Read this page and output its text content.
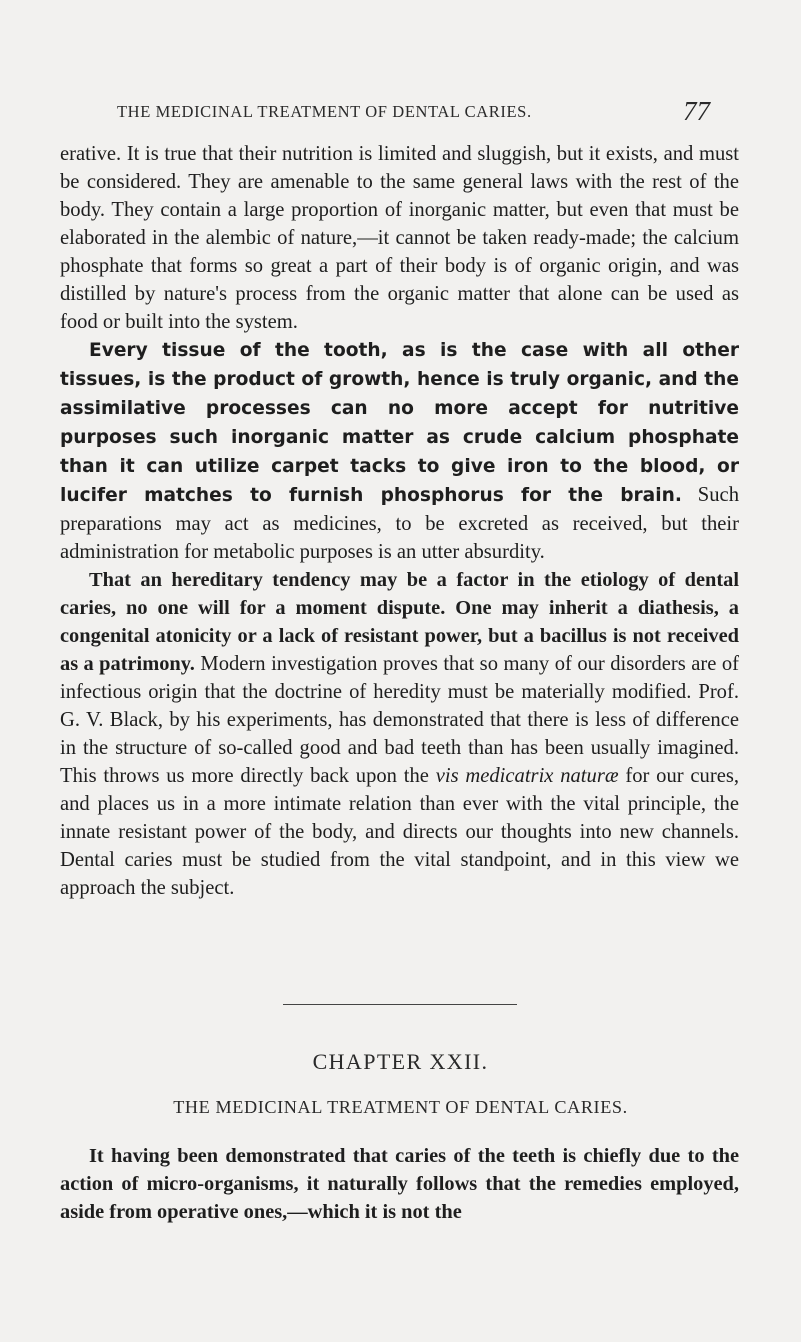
THE MEDICINAL TREATMENT OF DENTAL CARIES.	77

erative. It is true that their nutrition is limited and sluggish, but it exists, and must be considered. They are amenable to the same general laws with the rest of the body. They contain a large proportion of inorganic matter, but even that must be elaborated in the alembic of nature,—it cannot be taken ready-made; the calcium phosphate that forms so great a part of their body is of organic origin, and was distilled by nature's process from the organic matter that alone can be used as food or built into the system.

Every tissue of the tooth, as is the case with all other tissues, is the product of growth, hence is truly organic, and the assimilative processes can no more accept for nutritive purposes such inorganic matter as crude calcium phosphate than it can utilize carpet tacks to give iron to the blood, or lucifer matches to furnish phosphorus for the brain. Such preparations may act as medicines, to be excreted as received, but their administration for metabolic purposes is an utter absurdity.

That an hereditary tendency may be a factor in the etiology of dental caries, no one will for a moment dispute. One may inherit a diathesis, a congenital atonicity or a lack of resistant power, but a bacillus is not received as a patrimony. Modern investigation proves that so many of our disorders are of infectious origin that the doctrine of heredity must be materially modified. Prof. G. V. Black, by his experiments, has demonstrated that there is less of difference in the structure of so-called good and bad teeth than has been usually imagined. This throws us more directly back upon the vis medicatrix naturæ for our cures, and places us in a more intimate relation than ever with the vital principle, the innate resistant power of the body, and directs our thoughts into new channels. Dental caries must be studied from the vital standpoint, and in this view we approach the subject.

CHAPTER XXII.
THE MEDICINAL TREATMENT OF DENTAL CARIES.

It having been demonstrated that caries of the teeth is chiefly due to the action of micro-organisms, it naturally follows that the remedies employed, aside from operative ones,—which it is not the
